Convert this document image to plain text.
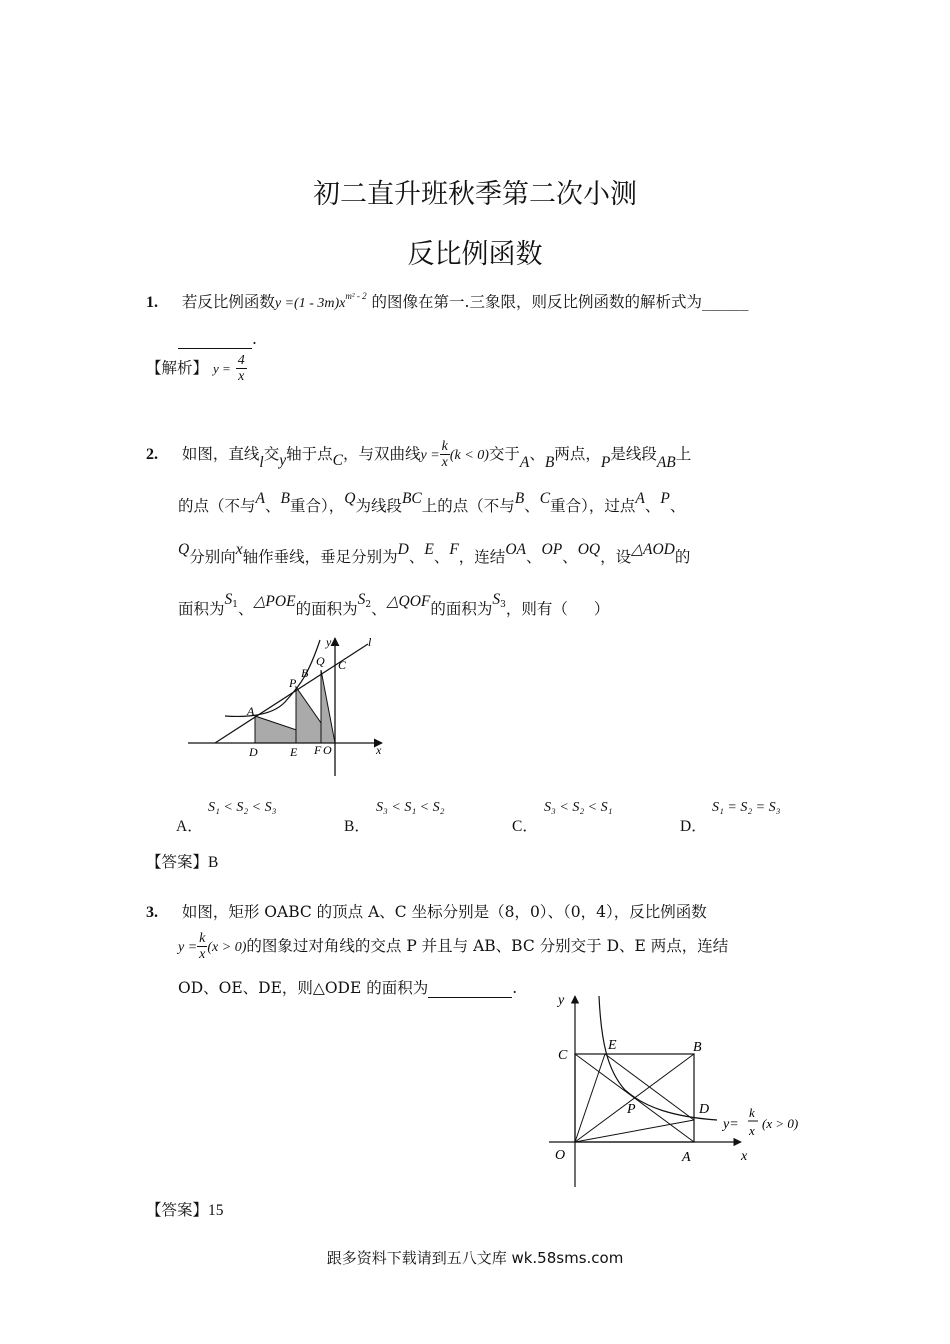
初二直升班秋季第二次小测
反比例函数
1. 若反比例函数$y =(1 - 3m)x^{m^2 - 2}$ 的图像在第一.三象限，则反比例函数的解析式为______
.
【解析】 $y = \frac{4}{x}$
2. 如图，直线l交y轴于点C，与双曲线$y = \frac{k}{x} (k < 0)$交于A、B两点，P是线段AB上
的点（不与A、B重合），Q为线段BC上的点（不与B、C重合），过点A、P、
Q分别向x轴作垂线，垂足分别为D、E、F，连结OA、OP、OQ，设△AOD的
面积为$S_1$、△POE的面积为$S_2$、△QOF的面积为$S_3$，则有（ ）
y	l
Q C
B
P
A
D	E F O	x
A．
S₁ < S₂ < S₃
B．
S₃ < S₁ < S₂
C．
S₃ < S₂ < S₁
D．
S₁ = S₂ = S₃
【答案】B
3. 如图，矩形 OABC 的顶点 A、C 坐标分别是（8，0）、（0，4），反比例函数
$y = \frac{k}{x} (x > 0)$的图象过对角线的交点 P 并且与 AB、BC 分别交于 D、E 两点，连结
OD、OE、DE，则△ODE 的面积为	.
y
C
E	B
P	D
O	A	x
y=
k
x (x > 0)
【答案】15
跟多资料下载请到五八文库 wk.58sms.com
